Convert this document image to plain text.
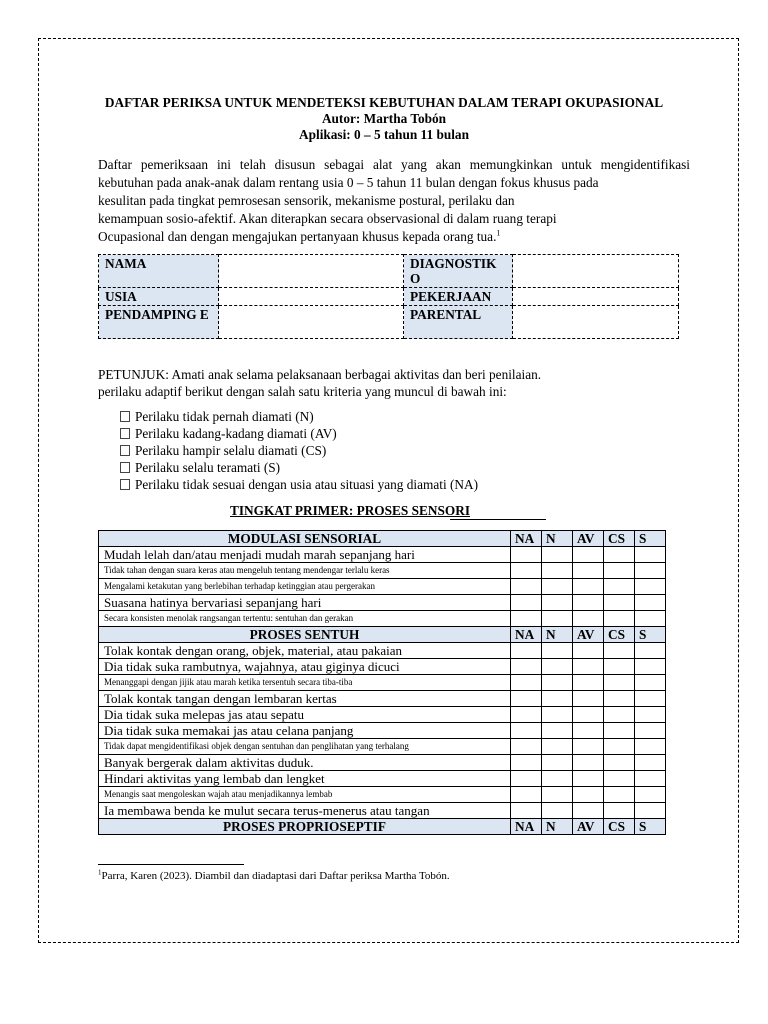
DAFTAR PERIKSA UNTUK MENDETEKSI KEBUTUHAN DALAM TERAPI OKUPASIONAL
Autor: Martha Tobón
Aplikasi: 0 – 5 tahun 11 bulan
Daftar pemeriksaan ini telah disusun sebagai alat yang akan memungkinkan untuk mengidentifikasi
kebutuhan pada anak-anak dalam rentang usia 0 – 5 tahun 11 bulan dengan fokus khusus pada
kesulitan pada tingkat pemrosesan sensorik, mekanisme postural, perilaku dan
kemampuan sosio-afektif. Akan diterapkan secara observasional di dalam ruang terapi
Ocupasional dan dengan mengajukan pertanyaan khusus kepada orang tua.$^1$
NAMA		DIAGNOSTIK O	
USIA		PEKERJAAN	
PENDAMPING E		PARENTAL	
PETUNJUK: Amati anak selama pelaksanaan berbagai aktivitas dan beri penilaian.
perilaku adaptif berikut dengan salah satu kriteria yang muncul di bawah ini:
Perilaku tidak pernah diamati (N)
Perilaku kadang-kadang diamati (AV)
Perilaku hampir selalu diamati (CS)
Perilaku selalu teramati (S)
Perilaku tidak sesuai dengan usia atau situasi yang diamati (NA)
TINGKAT PRIMER: PROSES SENSORI
MODULASI SENSORIAL	NA	N	AV	CS	S
Mudah lelah dan/atau menjadi mudah marah sepanjang hari					
Tidak tahan dengan suara keras atau mengeluh tentang mendengar terlalu keras					
Mengalami ketakutan yang berlebihan terhadap ketinggian atau pergerakan					
Suasana hatinya bervariasi sepanjang hari					
Secara konsisten menolak rangsangan tertentu: sentuhan dan gerakan					
PROSES SENTUH	NA	N	AV	CS	S
Tolak kontak dengan orang, objek, material, atau pakaian					
Dia tidak suka rambutnya, wajahnya, atau giginya dicuci					
Menanggapi dengan jijik atau marah ketika tersentuh secara tiba-tiba					
Tolak kontak tangan dengan lembaran kertas					
Dia tidak suka melepas jas atau sepatu					
Dia tidak suka memakai jas atau celana panjang					
Tidak dapat mengidentifikasi objek dengan sentuhan dan penglihatan yang terhalang					
Banyak bergerak dalam aktivitas duduk.					
Hindari aktivitas yang lembab dan lengket					
Menangis saat mengoleskan wajah atau menjadikannya lembab					
Ia membawa benda ke mulut secara terus-menerus atau tangan					
PROSES PROPRIOSEPTIF	NA	N	AV	CS	S
$^1$Parra, Karen (2023). Diambil dan diadaptasi dari Daftar periksa Martha Tobón.
